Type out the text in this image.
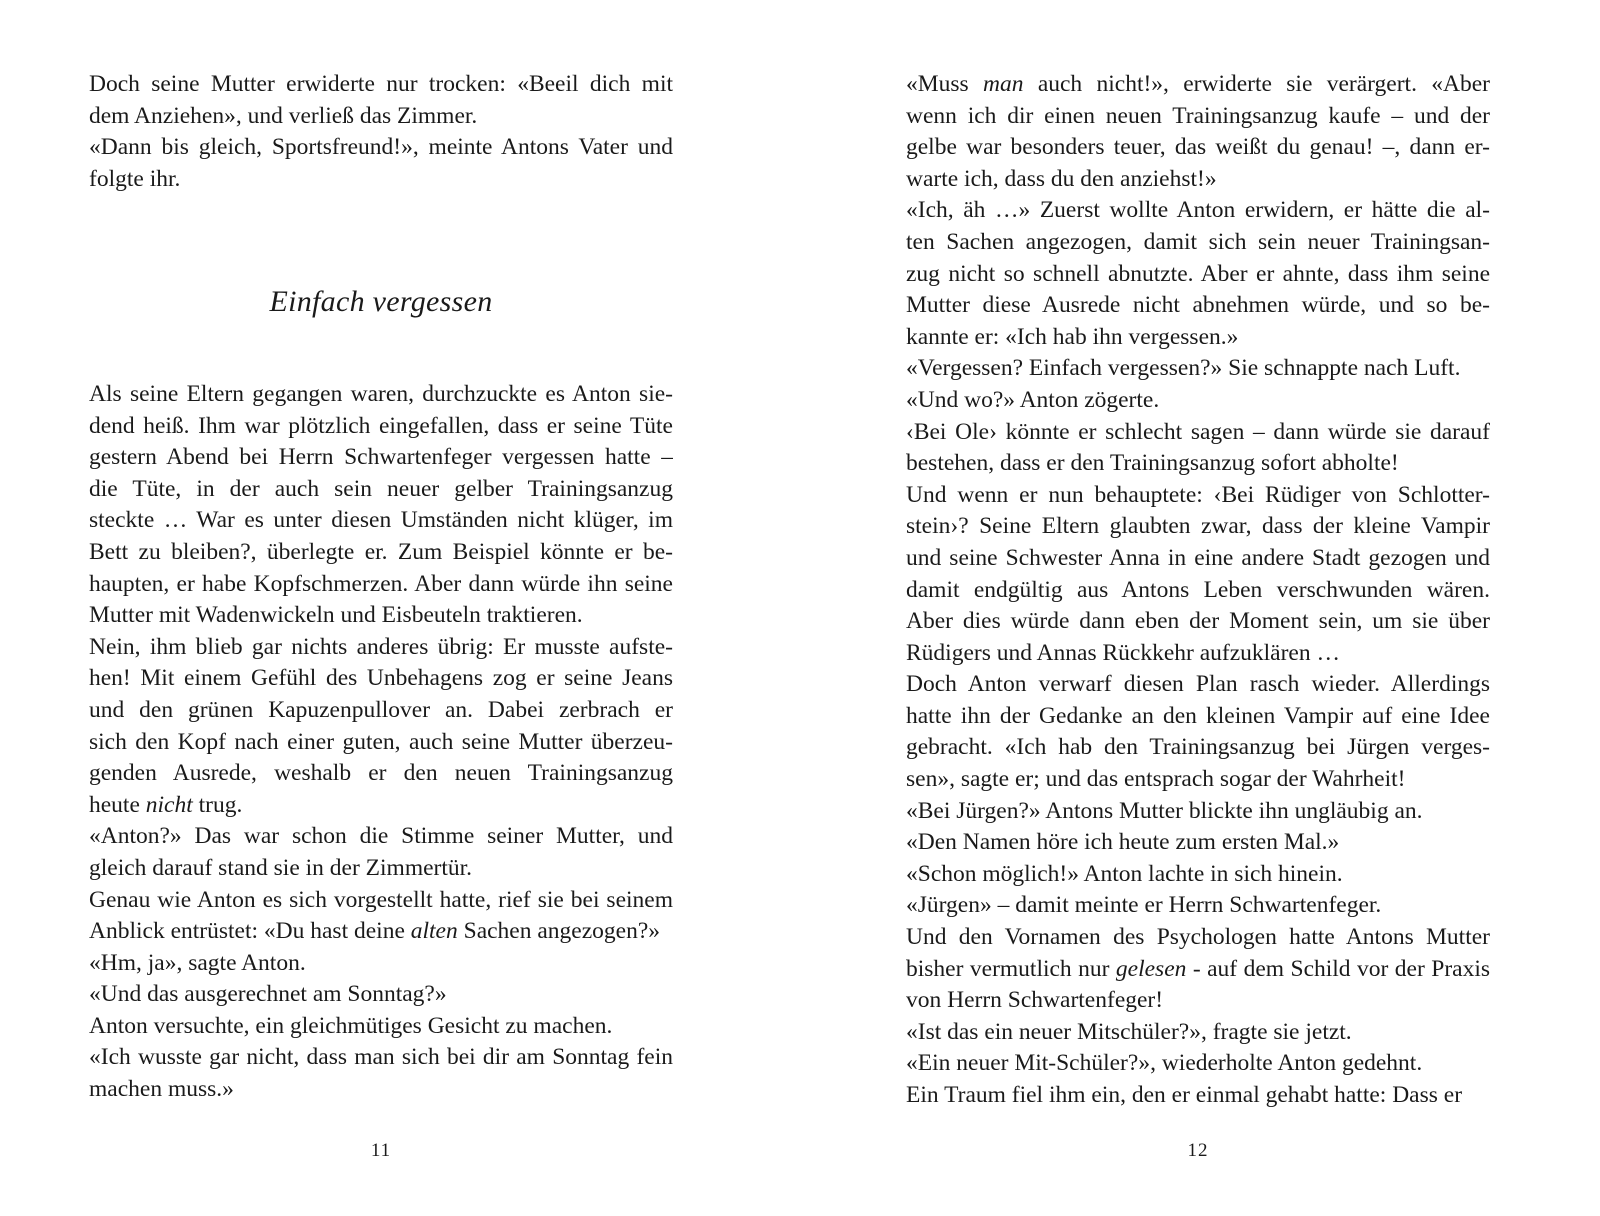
Doch seine Mutter erwiderte nur trocken: «Beeil dich mit
dem Anziehen», und verließ das Zimmer.
«Dann bis gleich, Sportsfreund!», meinte Antons Vater und
folgte ihr.
Einfach vergessen
Als seine Eltern gegangen waren, durchzuckte es Anton sie-
dend heiß. Ihm war plötzlich eingefallen, dass er seine Tüte
gestern Abend bei Herrn Schwartenfeger vergessen hatte –
die Tüte, in der auch sein neuer gelber Trainingsanzug
steckte … War es unter diesen Umständen nicht klüger, im
Bett zu bleiben?, überlegte er. Zum Beispiel könnte er be-
haupten, er habe Kopfschmerzen. Aber dann würde ihn seine
Mutter mit Wadenwickeln und Eisbeuteln traktieren.
Nein, ihm blieb gar nichts anderes übrig: Er musste aufste-
hen! Mit einem Gefühl des Unbehagens zog er seine Jeans
und den grünen Kapuzenpullover an. Dabei zerbrach er
sich den Kopf nach einer guten, auch seine Mutter überzeu-
genden Ausrede, weshalb er den neuen Trainingsanzug
heute nicht trug.
«Anton?» Das war schon die Stimme seiner Mutter, und
gleich darauf stand sie in der Zimmertür.
Genau wie Anton es sich vorgestellt hatte, rief sie bei seinem
Anblick entrüstet: «Du hast deine alten Sachen angezogen?»
«Hm, ja», sagte Anton.
«Und das ausgerechnet am Sonntag?»
Anton versuchte, ein gleichmütiges Gesicht zu machen.
«Ich wusste gar nicht, dass man sich bei dir am Sonntag fein
machen muss.»
11
«Muss man auch nicht!», erwiderte sie verärgert. «Aber
wenn ich dir einen neuen Trainingsanzug kaufe – und der
gelbe war besonders teuer, das weißt du genau! –, dann er-
warte ich, dass du den anziehst!»
«Ich, äh …» Zuerst wollte Anton erwidern, er hätte die al-
ten Sachen angezogen, damit sich sein neuer Trainingsan-
zug nicht so schnell abnutzte. Aber er ahnte, dass ihm seine
Mutter diese Ausrede nicht abnehmen würde, und so be-
kannte er: «Ich hab ihn vergessen.»
«Vergessen? Einfach vergessen?» Sie schnappte nach Luft.
«Und wo?» Anton zögerte.
‹Bei Ole› könnte er schlecht sagen – dann würde sie darauf
bestehen, dass er den Trainingsanzug sofort abholte!
Und wenn er nun behauptete: ‹Bei Rüdiger von Schlotter-
stein›? Seine Eltern glaubten zwar, dass der kleine Vampir
und seine Schwester Anna in eine andere Stadt gezogen und
damit endgültig aus Antons Leben verschwunden wären.
Aber dies würde dann eben der Moment sein, um sie über
Rüdigers und Annas Rückkehr aufzuklären …
Doch Anton verwarf diesen Plan rasch wieder. Allerdings
hatte ihn der Gedanke an den kleinen Vampir auf eine Idee
gebracht. «Ich hab den Trainingsanzug bei Jürgen verges-
sen», sagte er; und das entsprach sogar der Wahrheit!
«Bei Jürgen?» Antons Mutter blickte ihn ungläubig an.
«Den Namen höre ich heute zum ersten Mal.»
«Schon möglich!» Anton lachte in sich hinein.
«Jürgen» – damit meinte er Herrn Schwartenfeger.
Und den Vornamen des Psychologen hatte Antons Mutter
bisher vermutlich nur gelesen - auf dem Schild vor der Praxis
von Herrn Schwartenfeger!
«Ist das ein neuer Mitschüler?», fragte sie jetzt.
«Ein neuer Mit-Schüler?», wiederholte Anton gedehnt.
Ein Traum fiel ihm ein, den er einmal gehabt hatte: Dass er
12
